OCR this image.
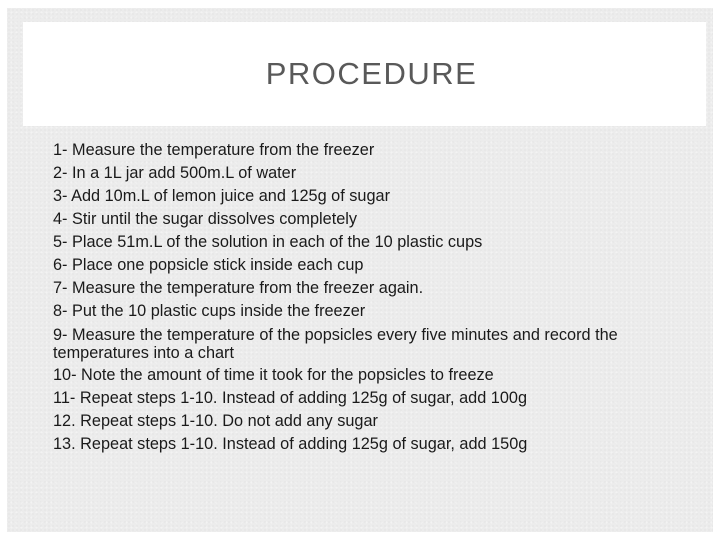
PROCEDURE
1- Measure the temperature from the freezer
2- In a 1L jar add 500m.L of water
3- Add 10m.L of lemon juice and 125g of sugar
4- Stir until the sugar dissolves completely
5- Place 51m.L of the solution in each of the 10 plastic cups
6- Place one popsicle stick inside each cup
7- Measure the temperature from the freezer again.
8- Put the 10 plastic cups inside the freezer
9- Measure the temperature of the popsicles every five minutes and record the temperatures into a chart
10- Note the amount of time it took for the popsicles to freeze
11- Repeat steps 1-10. Instead of adding 125g of sugar, add 100g
12. Repeat steps 1-10. Do not add any sugar
13. Repeat steps 1-10. Instead of adding 125g of sugar, add 150g
